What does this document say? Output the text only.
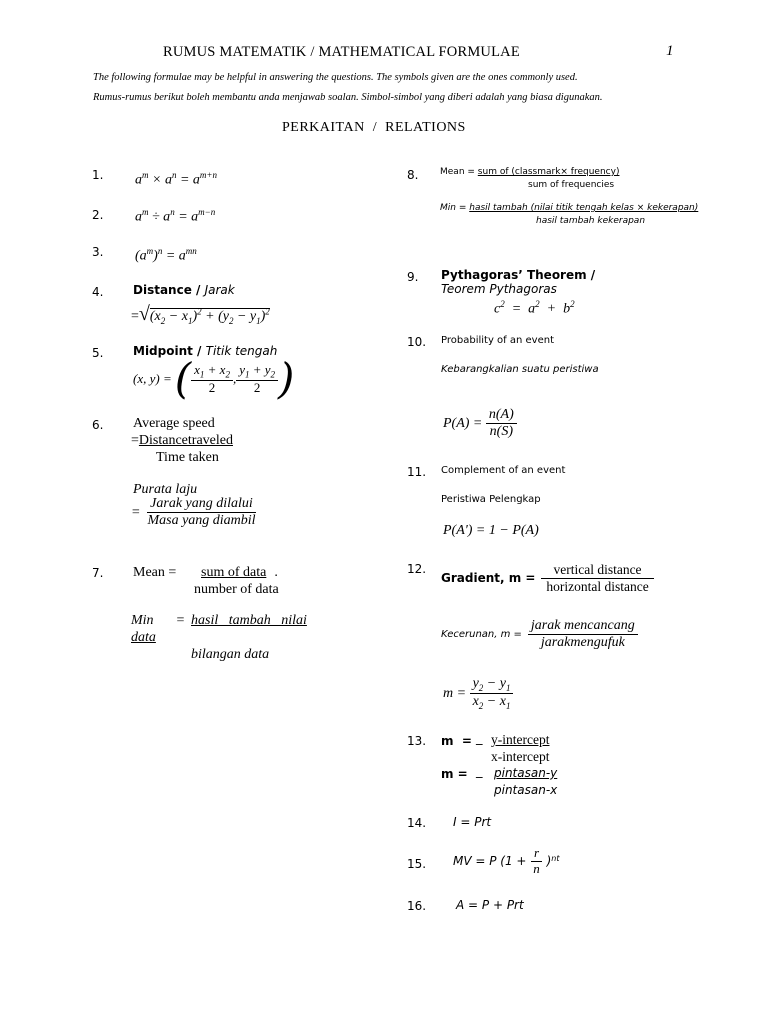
RUMUS MATEMATIK / MATHEMATICAL FORMULAE	1
The following formulae may be helpful in answering the questions. The symbols given are the ones commonly used.
Rumus-rumus berikut boleh membantu anda menjawab soalan. Simbol-simbol yang diberi adalah yang biasa digunakan.
PERKAITAN  /  RELATIONS
1. $a^m \times a^n = a^{m+n}$
2. $a^m \div a^n = a^{m-n}$
3. $(a^m)^n = a^{mn}$
4. Distance / Jarak
$=√(x_2 - x_1)^2 + (y_2 - y_1)^2$
5. Midpoint / Titik tengah
(x, y) = ( $\frac{x_1 + x_2}{2}$ , $\frac{y_1 + y_2}{2}$ )
6. Average speed
=Distancetraveled
Time taken
Purata laju
= $\frac{\text{Jarak yang dilalui}}{\text{Masa yang diambil}}$
7. Mean =	sum of data .
number of data
Min = hasil   tambah   nilai
data
bilangan data
8. Mean = sum of (classmark× frequency)
sum of frequencies
Min = hasil tambah (nilai titik tengah kelas × kekerapan)
hasil tambah kekerapan
9. Pythagoras’ Theorem /
Teorem Pythagoras
$c^2 = a^2 + b^2$
10. Probability of an event
Kebarangkalian suatu peristiwa
$P(A) = \frac{n(A)}{n(S)}$
11. Complement of an event
Peristiwa Pelengkap
P(A') = 1 − P(A)
12.
Gradient, $m = \frac{\text{vertical distance}}{\text{horizontal distance}}$
Kecerunan, $m = \frac{\text{jarak mencancang}}{\text{jarakmengufuk}}$
$m = \frac{y_2 - y_1}{x_2 - x_1}$
13. m  = _ y-intercept
x-intercept
m = _ pintasan-y
pintasan-x
14. I = Prt
15. MV = P $(1 + \frac{r}{n} )^{nt}$
16. A = P + Prt
